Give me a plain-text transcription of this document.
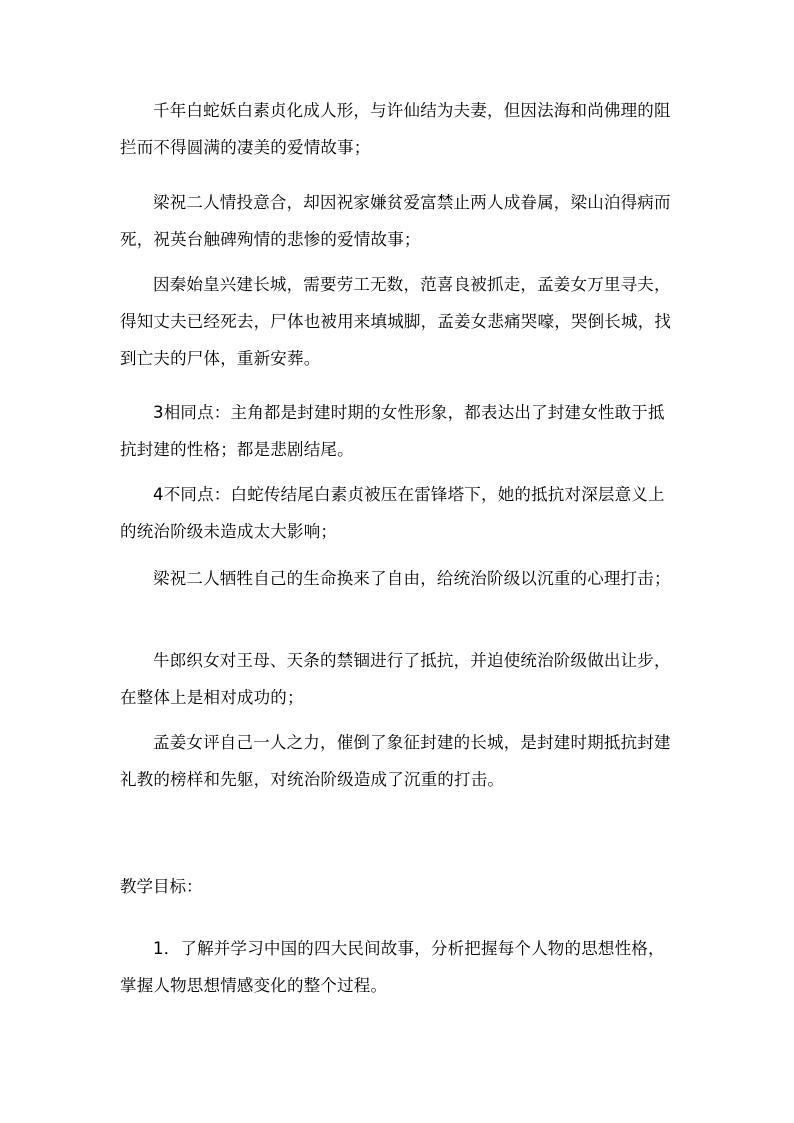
千年白蛇妖白素贞化成人形，与许仙结为夫妻，但因法海和尚佛理的阻拦而不得圆满的凄美的爱情故事；

梁祝二人情投意合，却因祝家嫌贫爱富禁止两人成眷属，梁山泊得病而死，祝英台触碑殉情的悲惨的爱情故事；

因秦始皇兴建长城，需要劳工无数，范喜良被抓走，孟姜女万里寻夫，得知丈夫已经死去，尸体也被用来填城脚，孟姜女悲痛哭嚎，哭倒长城，找到亡夫的尸体，重新安葬。

3相同点：主角都是封建时期的女性形象，都表达出了封建女性敢于抵抗封建的性格；都是悲剧结尾。

4不同点：白蛇传结尾白素贞被压在雷锋塔下，她的抵抗对深层意义上的统治阶级未造成太大影响；

梁祝二人牺牲自己的生命换来了自由，给统治阶级以沉重的心理打击；

牛郎织女对王母、天条的禁锢进行了抵抗，并迫使统治阶级做出让步，在整体上是相对成功的；

孟姜女评自己一人之力，催倒了象征封建的长城，是封建时期抵抗封建礼教的榜样和先躯，对统治阶级造成了沉重的打击。

教学目标：

1．了解并学习中国的四大民间故事，分析把握每个人物的思想性格，掌握人物思想情感变化的整个过程。
